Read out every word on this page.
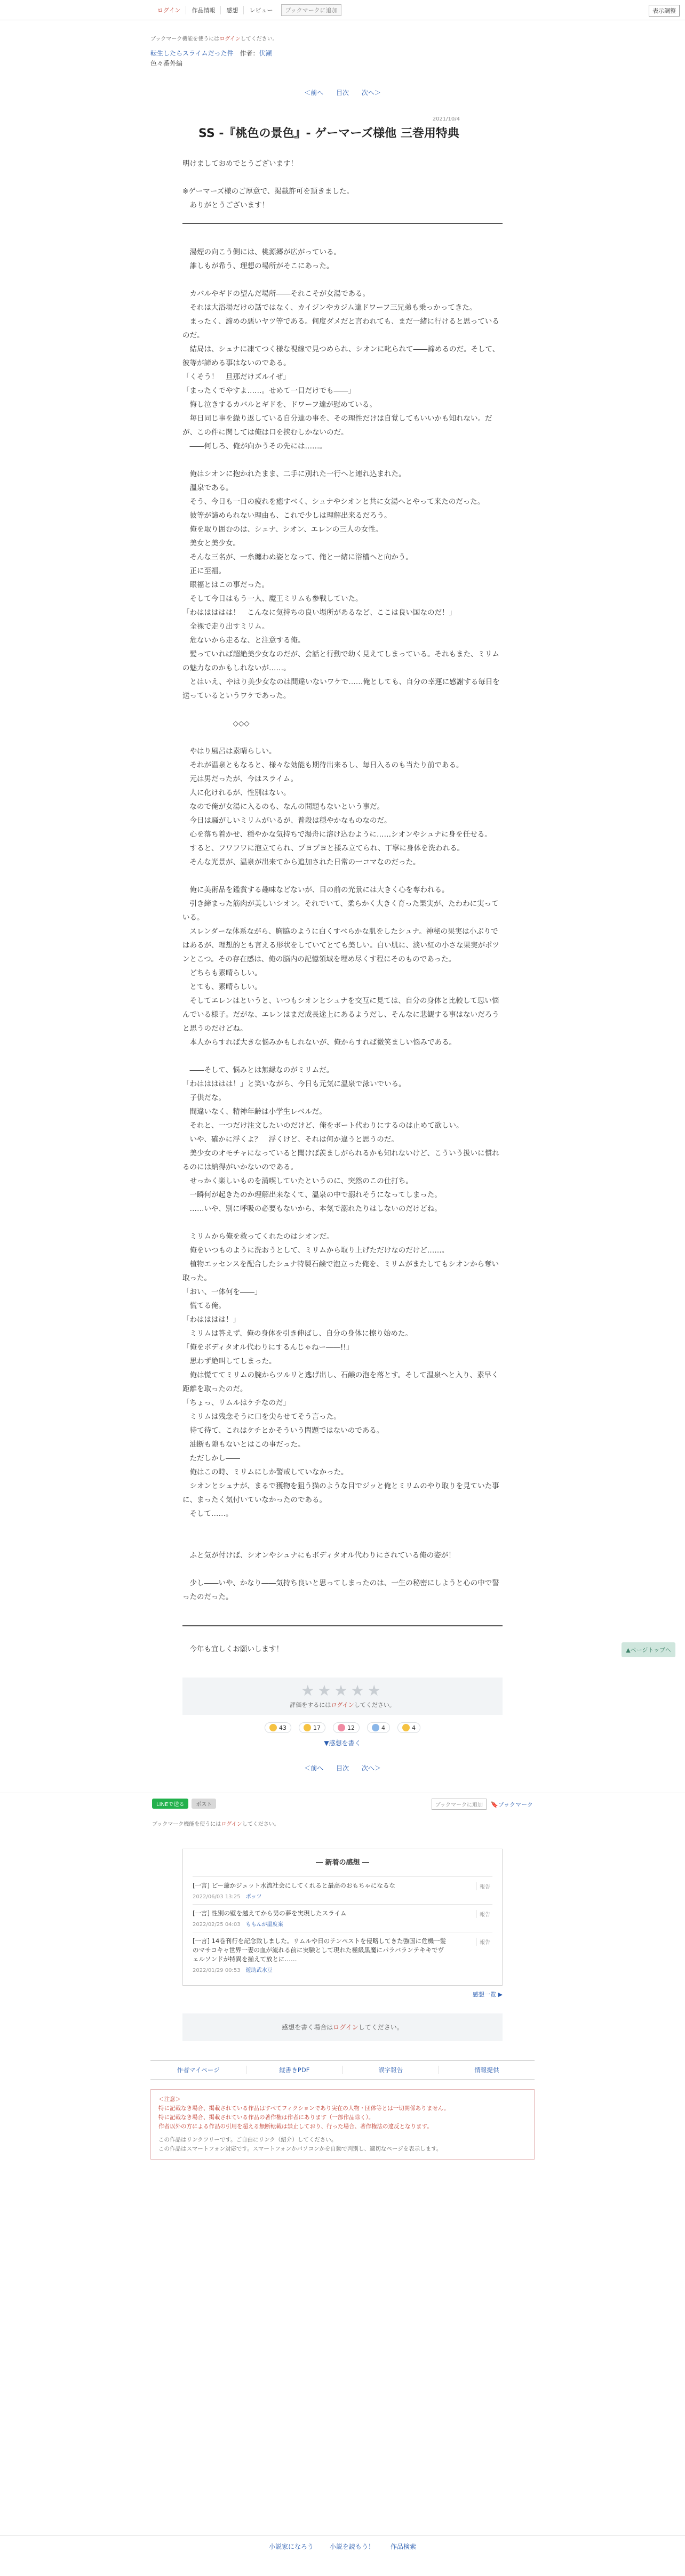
ログイン	作品情報	感想	レビュー	ブックマークに追加	表示調整
ブックマーク機能を使うにはログインしてください。
転生したらスライムだった件 作者：伏瀬
色々番外編
＜前へ 目次 次へ＞
2021/10/4
SS -『桃色の景色』- ゲーマーズ様他 三巻用特典

明けましておめでとうございます！

※ゲーマーズ様のご厚意で、掲載許可を頂きました。

　ありがとうございます！

　湯煙の向こう側には、桃源郷が広がっている。

　誰しもが希う、理想の場所がそこにあった。

　カバルやギドの望んだ場所――それこそが女湯である。

　それは大浴場だけの話ではなく、カイジンやカジム達ドワーフ三兄弟も乗っかってきた。

　まったく、諦めの悪いヤツ等である。何度ダメだと言われても、まだ一緒に行けると思っているのだ。

　結局は、シュナに凍てつく様な視線で見つめられ、シオンに叱られて――諦めるのだ。そして、彼等が諦める事はないのである。

「くそう！　旦那だけズルイぜ」

「まったくでやすよ……。せめて一目だけでも――」

　悔し泣きするカバルとギドを、ドワーフ達が慰めている。

　毎日同じ事を繰り返している自分達の事を、その理性だけは自覚してもいいかも知れない。だが、この件に関しては俺は口を挟むしかないのだ。

　――何しろ、俺が向かうその先には……。

　俺はシオンに抱かれたまま、二手に別れた一行へと連れ込まれた。

　温泉である。

　そう、今日も一日の疲れを癒すべく、シュナやシオンと共に女湯へとやって来たのだった。

　彼等が諦められない理由も、これで少しは理解出来るだろう。

　俺を取り囲むのは、シュナ、シオン、エレンの三人の女性。

　美女と美少女。

　そんな三名が、一糸纏わぬ姿となって、俺と一緒に浴槽へと向かう。

　正に至福。

　眼福とはこの事だった。

　そして今日はもう一人、魔王ミリムも参戦していた。

「わははははは！　こんなに気持ちの良い場所があるなど、ここは良い国なのだ！」

　全裸で走り出すミリム。

　危ないから走るな、と注意する俺。

　髪っていれば超絶美少女なのだが、会話と行動で幼く見えてしまっている。それもまた、ミリムの魅力なのかもしれないが……。

　とはいえ、やはり美少女なのは間違いないワケで……俺としても、自分の幸運に感謝する毎日を送っているというワケであった。

　　　　　　　◇◇◇

　やはり風呂は素晴らしい。

　それが温泉ともなると、様々な効能も期待出来るし、毎日入るのも当たり前である。

　元は男だったが、今はスライム。

　人に化けれるが、性別はない。

　なので俺が女湯に入るのも、なんの問題もないという事だ。

　今日は騒がしいミリムがいるが、普段は穏やかなものなのだ。

　心を落ち着かせ、穏やかな気持ちで湯舟に溶け込むように……シオンやシュナに身を任せる。

　すると、フワフワに泡立てられ、プヨプヨと揉み立てられ、丁寧に身体を洗われる。

　そんな光景が、温泉が出来てから追加された日常の一コマなのだった。

　俺に美術品を鑑賞する趣味などないが、目の前の光景には大きく心を奪われる。

　引き締まった筋肉が美しいシオン。それでいて、柔らかく大きく育った果実が、たわわに実っている。

　スレンダーな体系ながら、胸脇のように白くすべらかな肌をしたシュナ。神秘の果実は小ぶりではあるが、理想的とも言える形状をしていてとても美しい。白い肌に、淡い紅の小さな果実がポツンとこつ。その存在感は、俺の脳内の記憶領域を埋め尽くす程にそのものであった。

　どちらも素晴らしい。

　とても、素晴らしい。

　そしてエレンはというと、いつもシオンとシュナを交互に見ては、自分の身体と比較して思い悩んでいる様子。だがな、エレンはまだ成長途上にあるようだし、そんなに悲観する事はないだろうと思うのだけどね。

　本人からすれば大きな悩みかもしれないが、俺からすれば微笑ましい悩みである。

　――そして、悩みとは無縁なのがミリムだ。

「わははははは！」と笑いながら、今日も元気に温泉で泳いでいる。

　子供だな。

　間違いなく、精神年齢は小学生レベルだ。

　それと、一つだけ注文したいのだけど、俺をボート代わりにするのは止めて欲しい。

　いや、確かに浮くよ？　浮くけど、それは何か違うと思うのだ。

　美少女のオモチャになっていると聞けば羨ましがられるかも知れないけど、こういう扱いに慣れるのには納得がいかないのである。

　せっかく楽しいものを満喫していたというのに、突然のこの仕打ち。

　一瞬何が起きたのか理解出来なくて、温泉の中で溺れそうになってしまった。

　……いや、別に呼吸の必要もないから、本気で溺れたりはしないのだけどね。

　ミリムから俺を救ってくれたのはシオンだ。

　俺をいつものように洗おうとして、ミリムから取り上げただけなのだけど……。

　植物エッセンスを配合したシュナ特製石鹸で泡立った俺を、ミリムがまたしてもシオンから奪い取った。

「おい、一体何を――」

　慌てる俺。

「わはははは！」

　ミリムは答えず、俺の身体を引き伸ばし、自分の身体に擦り始めた。

「俺をボディタオル代わりにするんじゃねー――!!」

　思わず絶叫してしまった。

　俺は慌ててミリムの腕からツルリと逃げ出し、石鹸の泡を落とす。そして温泉へと入り、素早く距離を取ったのだ。

「ちょっ、リムルはケチなのだ」

　ミリムは残念そうに口を尖らせてそう言った。

　待て待て、これはケチとかそういう問題ではないのである。

　油断も隙もないとはこの事だった。

　ただしかし――

　俺はこの時、ミリムにしか警戒していなかった。

　シオンとシュナが、まるで獲物を狙う猫のような目でジッと俺とミリムのやり取りを見ていた事に、まったく気付いていなかったのである。

　そして……。

　ふと気が付けば、シオンやシュナにもボディタオル代わりにされている俺の姿が！

　少し――いや、かなり――気持ち良いと思ってしまったのは、一生の秘密にしようと心の中で誓ったのだった。

　今年も宜しくお願いします！
★★★★★
評価をするにはログインしてください。
43	17	12	4	4
▼感想を書く
＜前へ 目次 次へ＞
▲ページトップへ
LINEで送る	ポスト	ブックマークに追加	🔖ブックマーク
ブックマーク機能を使うにはログインしてください。
― 新着の感想 ―
[一言] ピー爺かジェット水流社会にしてくれると最高のおもちゃになるな
2022/06/03 13:25 ポッツ
報告
[一言] 性別の壁を越えてから男の夢を実現したスライム
2022/02/25 04:03 ももんが温度案
報告
[一言] 14巻刊行を記念致しました。リムルや日のテンペストを侵略してきた強国に危機一髪のマサコキャ世界一妻の血が流れる前に実験として現れた極級黒魔にパラバランテキキでヴェルソンドが特異を揃えて放とに……
2022/01/29 00:53 遊助武水豆
報告
感想一覧 ▶
感想を書く場合はログインしてください。
作者マイページ	縦書きPDF	誤字報告	情報提供
＜注意＞
特に記載なき場合、掲載されている作品はすべてフィクションであり実在の人物・団体等とは一切関係ありません。
特に記載なき場合、掲載されている作品の著作権は作者にあります（一部作品除く）。
作者以外の方による作品の引用を超える無断転載は禁止しており、行った場合、著作権法の違反となります。
この作品はリンクフリーです。ご自由にリンク（紹介）してください。
この作品はスマートフォン対応です。スマートフォンかパソコンかを自動で判別し、適切なページを表示します。
小説家になろう	小説を読もう！	作品検索
